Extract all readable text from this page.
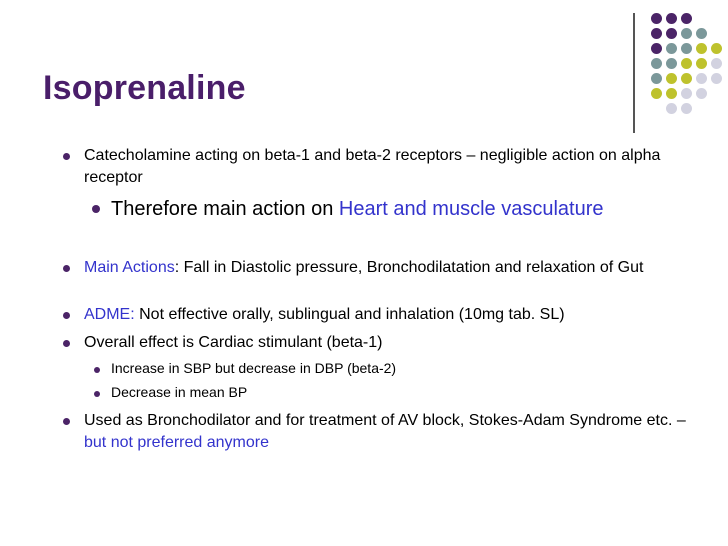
Isoprenaline

Catecholamine acting on beta-1 and beta-2 receptors – negligible action on alpha receptor

Therefore main action on Heart and muscle vasculature

Main Actions: Fall in Diastolic pressure, Bronchodilatation and relaxation of Gut

ADME: Not effective orally, sublingual and inhalation (10mg tab. SL)

Overall effect is Cardiac stimulant (beta-1)

Increase in SBP but decrease in DBP (beta-2)

Decrease in mean BP

Used as Bronchodilator and for treatment of AV block, Stokes-Adam Syndrome etc. – but not preferred anymore
